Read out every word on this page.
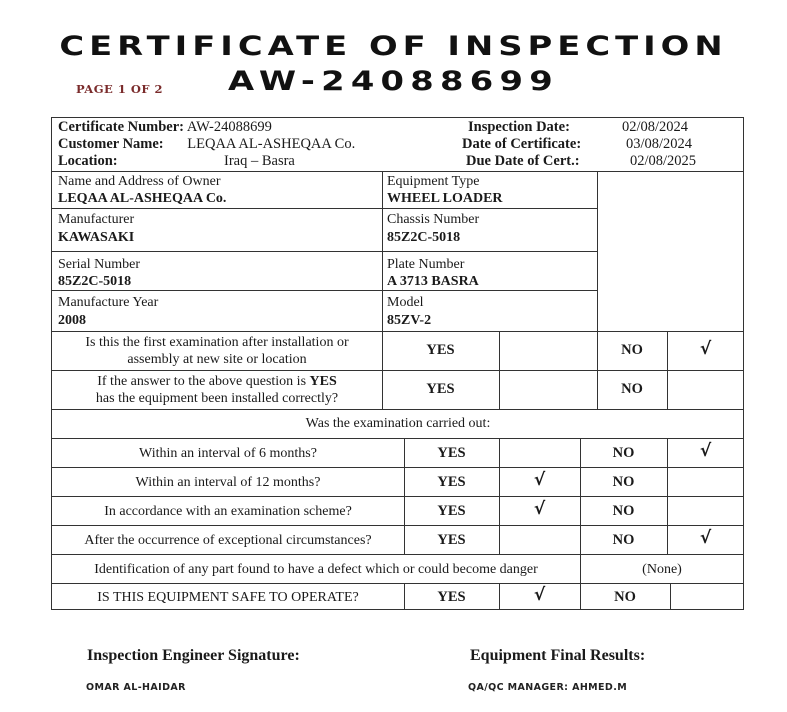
CERTIFICATE OF INSPECTION
AW-24088699
PAGE 1 OF 2
Certificate Number: AW-24088699
Customer Name: LEQAA AL-ASHEQAA Co.
Location:	Iraq – Basra
Inspection Date:	02/08/2024
Date of Certificate:	03/08/2024
Due Date of Cert.:	02/08/2025
Name and Address of Owner
LEQAA AL-ASHEQAA Co.
Equipment Type
WHEEL LOADER
Manufacturer
KAWASAKI
Chassis Number
85Z2C-5018
Serial Number
85Z2C-5018
Plate Number
A 3713 BASRA
Manufacture Year
2008
Model
85ZV-2
Is this the first examination after installation or
assembly at new site or location
YES	NO	√
If the answer to the above question is YES
has the equipment been installed correctly?
YES	NO
Was the examination carried out:
Within an interval of 6 months?	YES	NO	√
Within an interval of 12 months?	YES	√	NO
In accordance with an examination scheme?	YES	√	NO
After the occurrence of exceptional circumstances?	YES	NO	√
Identification of any part found to have a defect which or could become danger	(None)
IS THIS EQUIPMENT SAFE TO OPERATE?	YES	√	NO
Inspection Engineer Signature:
OMAR AL-HAIDAR
Equipment Final Results:
QA/QC MANAGER: AHMED.M
